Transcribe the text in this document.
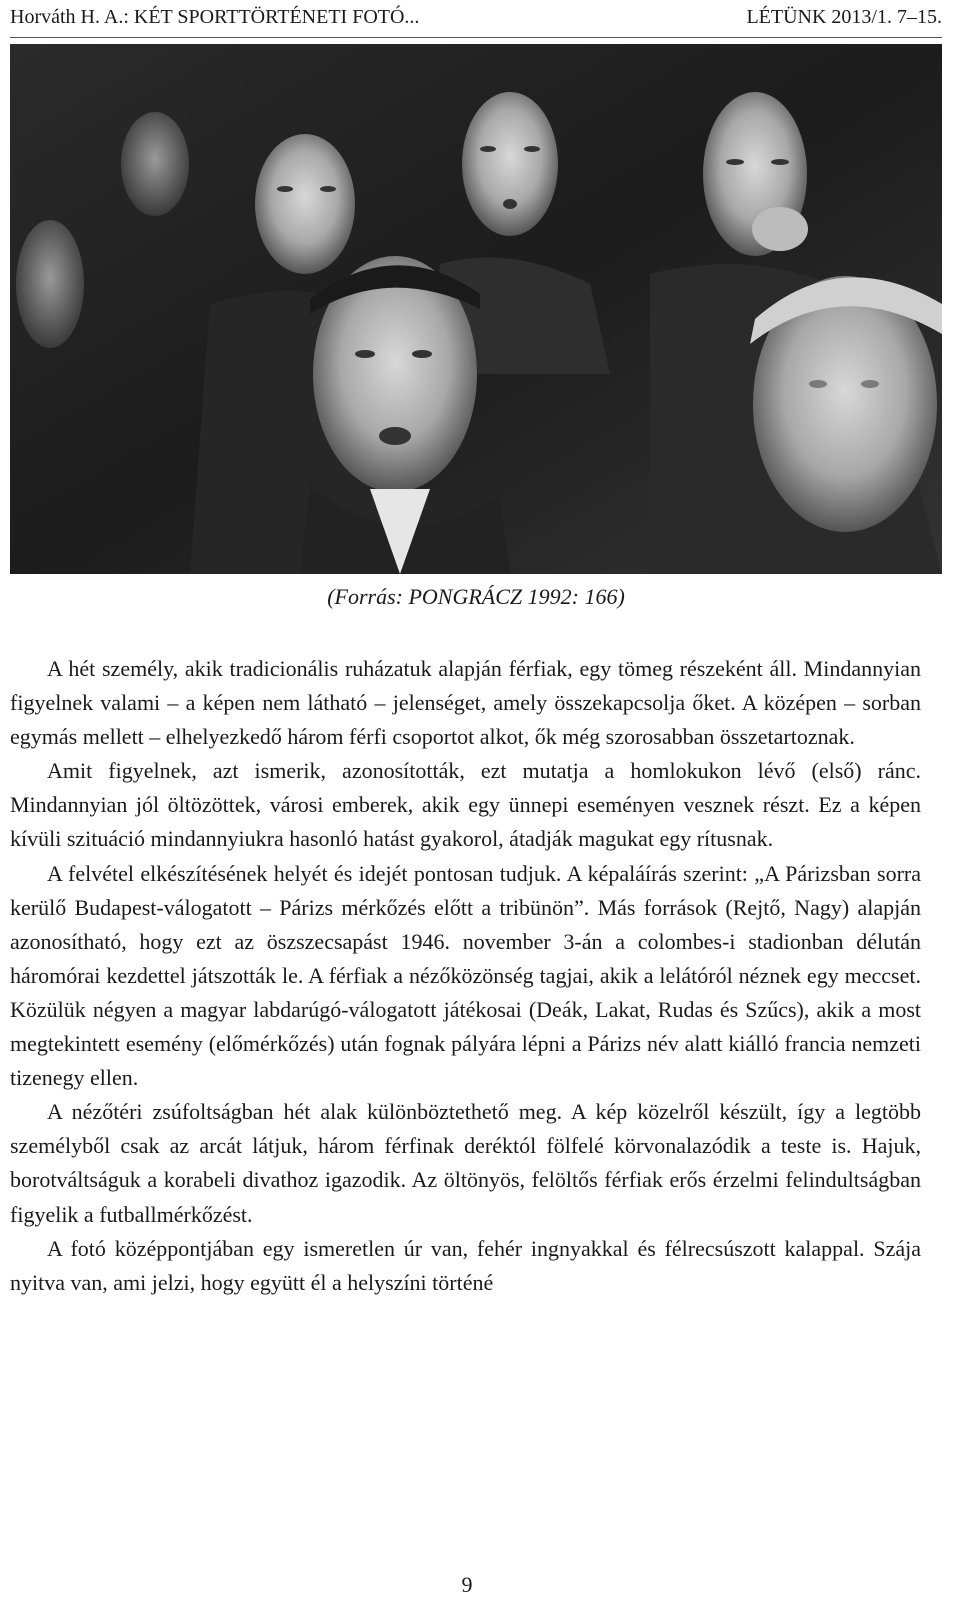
Horváth H. A.: KÉT SPORTTÖRTÉNETI FOTÓ...	LÉTÜNK 2013/1. 7–15.
(Forrás: PONGRÁCZ 1992: 166)

A hét személy, akik tradicionális ruházatuk alapján férfiak, egy tömeg részeként áll. Mindannyian figyelnek valami – a képen nem látható – jelenséget, amely összekapcsolja őket. A középen – sorban egymás mellett – elhelyezkedő három férfi csoportot alkot, ők még szorosabban összetartoznak.

Amit figyelnek, azt ismerik, azonosították, ezt mutatja a homlokukon lévő (első) ránc. Mindannyian jól öltözöttek, városi emberek, akik egy ünnepi eseményen vesznek részt. Ez a képen kívüli szituáció mindannyiukra hasonló hatást gyakorol, átadják magukat egy rítusnak.

A felvétel elkészítésének helyét és idejét pontosan tudjuk. A képaláírás szerint: „A Párizsban sorra kerülő Budapest-válogatott – Párizs mérkőzés előtt a tribünön”. Más források (Rejtő, Nagy) alapján azonosítható, hogy ezt az öszszecsapást 1946. november 3-án a colombes-i stadionban délután háromórai kezdettel játszották le. A férfiak a nézőközönség tagjai, akik a lelátóról néznek egy meccset. Közülük négyen a magyar labdarúgó-válogatott játékosai (Deák, Lakat, Rudas és Szűcs), akik a most megtekintett esemény (előmérkőzés) után fognak pályára lépni a Párizs név alatt kiálló francia nemzeti tizenegy ellen.

A nézőtéri zsúfoltságban hét alak különböztethető meg. A kép közelről készült, így a legtöbb személyből csak az arcát látjuk, három férfinak deréktól fölfelé körvonalazódik a teste is. Hajuk, borotváltságuk a korabeli divathoz igazodik. Az öltönyös, felöltős férfiak erős érzelmi felindultságban figyelik a futballmérkőzést.

A fotó középpontjában egy ismeretlen úr van, fehér ingnyakkal és félrecsúszott kalappal. Szája nyitva van, ami jelzi, hogy együtt él a helyszíni történé

9
